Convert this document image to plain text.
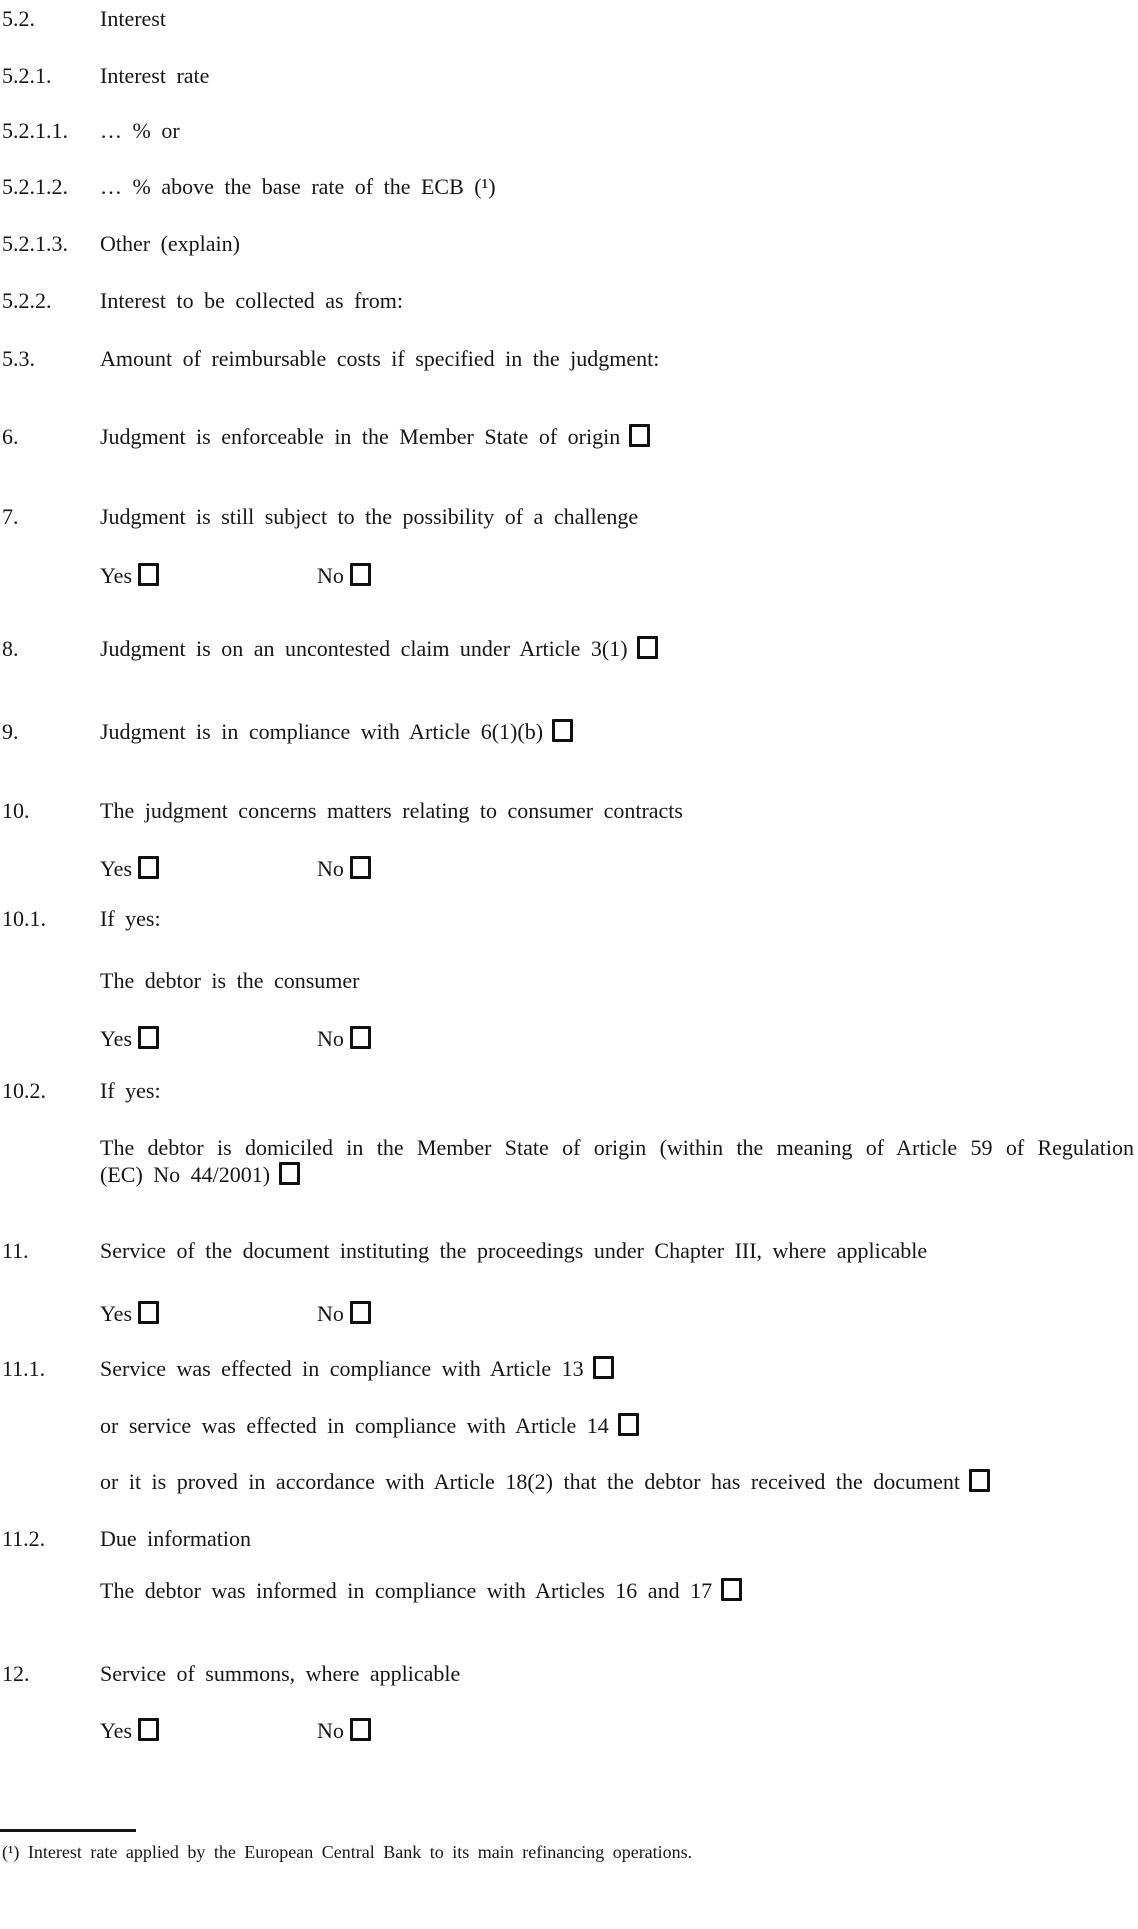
5.2.	Interest
5.2.1. Interest rate
5.2.1.1. … % or
5.2.1.2. … % above the base rate of the ECB (¹)
5.2.1.3. Other (explain)
5.2.2. Interest to be collected as from:
5.3.	Amount of reimbursable costs if specified in the judgment:
6.	Judgment is enforceable in the Member State of origin
7.	Judgment is still subject to the possibility of a challenge
Yes	No
8.	Judgment is on an uncontested claim under Article 3(1)
9.	Judgment is in compliance with Article 6(1)(b)
10.	The judgment concerns matters relating to consumer contracts
Yes	No
10.1. If yes:
The debtor is the consumer
Yes	No
10.2. If yes:
The debtor is domiciled in the Member State of origin (within the meaning of Article 59 of Regulation (EC) No 44/2001)
11.	Service of the document instituting the proceedings under Chapter III, where applicable
Yes	No
11.1. Service was effected in compliance with Article 13
or service was effected in compliance with Article 14
or it is proved in accordance with Article 18(2) that the debtor has received the document
11.2. Due information
The debtor was informed in compliance with Articles 16 and 17
12.	Service of summons, where applicable
Yes	No
(¹) Interest rate applied by the European Central Bank to its main refinancing operations.
